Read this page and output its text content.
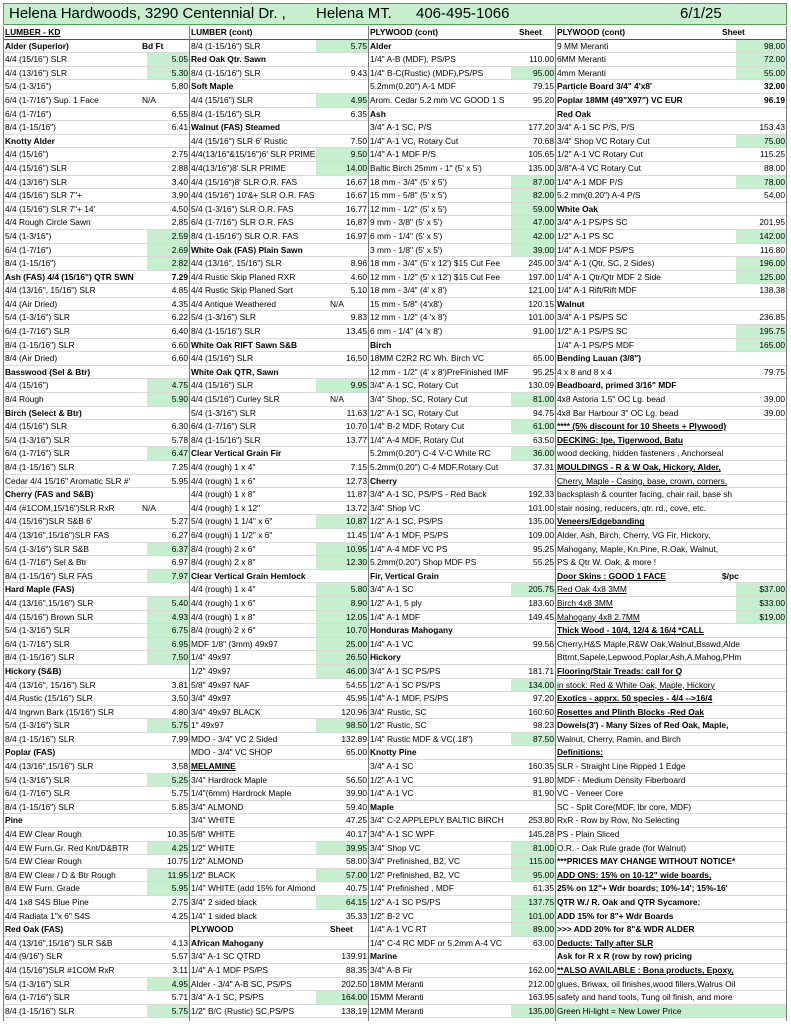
Helena Hardwoods, 3290 Centennial Dr. , Helena MT. 406-495-1066	6/1/25
LUMBER - KD
Alder (Superior)	Bd Ft
4/4 (15/16") SLR	5.05
4/4 (13/16") SLR	5.30
5/4 (1-3/16")	5.80
6/4 (1-7/16") Sup. 1 Face	N/A
6/4 (1-7/16")	6.55
8/4 (1-15/16")	6.41
Knotty Alder
4/4 (15/16")	2.75
4/4 (15/16") SLR	2.88
4/4 (13/16") SLR	3.40
4/4 (15/16") SLR 7"+	3.90
4/4 (15/16") SLR 7"+ 14'	4.50
4/4 Rough Circle Sawn	2.85
5/4 (1-3/16")	2.59
6/4 (1-7/16")	2.69
8/4 (1-15/16")	2.82
Ash (FAS) 4/4 (15/16") QTR SWN	7.29
4/4 (13/16", 15/16") SLR	4.85
4/4 (Air Dried)	4.35
5/4 (1-3/16") SLR	6.22
6/4 (1-7/16") SLR	6.40
8/4 (1-15/16") SLR	6.60
8/4 (Air Dried)	6.60
Basswood (Sel & Btr)
4/4 (15/16")	4.75
8/4 Rough	5.90
Birch (Select & Btr)
4/4 (15/16") SLR	6.30
5/4 (1-3/16") SLR	5.78
6/4 (1-7/16") SLR	6.47
8/4 (1-15/16") SLR	7.25
Cedar 4/4 15/16" Aromatic SLR #'	5.95
Cherry (FAS and S&B)
4/4 (#1COM,15/16")SLR RxR	N/A
4/4 (15/16")SLR S&B 6'	5.27
4/4 (13/16",15/16")SLR FAS	6.27
5/4 (1-3/16") SLR S&B	6.37
6/4 (1-7/16") Sel & Btr	6.97
8/4 (1-15/16") SLR FAS	7.97
Hard Maple (FAS)
4/4 (13/16",15/16") SLR	5.40
4/4 (15/16") Brown SLR	4.93
5/4 (1-3/16") SLR	6.75
6/4 (1-7/16") SLR	6.95
8/4 (1-15/16") SLR	7.50
Hickory (S&B)
4/4 (13/16", 15/16") SLR	3.81
4/4 Rustic (15/16") SLR	3.50
4/4 Ingrwn Bark (15/16") SLR	4.80
5/4 (1-3/16") SLR	5.75
8/4 (1-15/16") SLR	7.99
Poplar (FAS)
4/4 (13/16",15/16") SLR	3.58
5/4 (1-3/16") SLR	5.25
6/4 (1-7/16") SLR	5.75
8/4 (1-15/16") SLR	5.85
Pine
4/4 EW Clear Rough	10.35
4/4 EW Furn.Gr. Red Knt/D&BTR	4.25
5/4 EW Clear Rough	10.75
8/4 EW Clear / D & Btr Rough	11.95
8/4 EW Furn. Grade	5.95
4/4 1x8 S4S Blue Pine	2.75
4/4 Radiata 1"x 6" S4S	4.25
Red Oak (FAS)
4/4 (13/16",15/16") SLR S&B	4.13
4/4 (9/16") SLR	5.57
4/4 (15/16")SLR #1COM RxR	3.11
5/4 (1-3/16") SLR	4.95
6/4 (1-7/16") SLR	5.71
8/4 (1-15/16") SLR	5.75
LUMBER (cont)
8/4 (1-15/16") SLR	5.75
Red Oak Qtr. Sawn
8/4 (1-15/16") SLR	9.43
Soft Maple
4/4 (15/16") SLR	4.95
8/4 (1-15/16") SLR	6.35
Walnut (FAS) Steamed
4/4 (15/16") SLR 6' Rustic	7.50
4/4(13/16"&15/16")6' SLR PRIME	9.50
4/4(13/16")8' SLR PRIME	14.00
4/4 (15/16")8' SLR O.R. FAS	16.67
4/4 (15/16") 10'&+ SLR O.R. FAS	16.67
5/4 (1-3/16") SLR O.R. FAS	16.77
6/4 (1-7/16") SLR O.R. FAS	16.87
8/4 (1-15/16") SLR O.R. FAS	16.97
White Oak (FAS) Plain Sawn
4/4 (13/16", 15/16") SLR	8.96
4/4 Rustic Skip Planed RXR	4.60
4/4 Rustic Skip Planed Sort	5.10
4/4 Antique Weathered	N/A
5/4 (1-3/16") SLR	9.83
8/4 (1-15/16") SLR	13.45
White Oak RIFT Sawn S&B
4/4 (15/16") SLR	16.50
White Oak QTR, Sawn
4/4 (15/16") SLR	9.95
4/4 (15/16") Curley SLR	N/A
5/4 (1-3/16") SLR	11.63
6/4 (1-7/16") SLR	10.70
8/4 (1-15/16") SLR	13.77
Clear Vertical Grain Fir
4/4 (rough) 1 x 4"	7.15
4/4 (rough) 1 x 6"	12.73
4/4 (rough) 1 x 8"	11.87
4/4 (rough) 1 x 12"	13.72
5/4 (rough) 1 1/4" x 6"	10.87
6/4 (rough) 1 1/2" x 6"	11.45
8/4 (rough) 2 x 6"	10.95
8/4 (rough) 2 x 8"	12.30
Clear Vertical Grain Hemlock
4/4 (rough) 1 x 4"	5.80
4/4 (rough) 1 x 6"	8.90
4/4 (rough) 1 x 8"	12.05
8/4 (rough) 2 x 6"	10.70
MDF 1/8" (3mm) 49x97	25.00
1/4" 49x97	26.50
1/2" 49x97	46.00
5/8" 49x97 NAF	54.55
3/4" 49x97	45.95
3/4" 49x97 BLACK	120.96
1" 49x97	98.50
MDO - 3/4" VC 2 Sided	132.89
MDO - 3/4" VC SHOP	65.00
MELAMINE
3/4" Hardrock Maple	56.50
1/4"(6mm) Hardrock Maple	39.90
3/4" ALMOND	59.40
3/4" WHITE	47.25
5/8" WHITE	40.17
1/2" WHITE	39.95
1/2" ALMOND	58.00
1/2" BLACK	57.00
1/4" WHITE (add 15% for Almond	40.75
3/4" 2 sided black	64.15
1/4" 1 sided black	35.33
PLYWOOD	Sheet
African Mahogany
3/4" A-1 SC QTRD	139.91
1/4" A-1 MDF PS/PS	88.35
Alder - 3/4" A-B SC, PS/PS	202.50
3/4" A-1 SC, PS/PS	164.00
1/2" B/C (Rustic) SC,PS/PS	138.19
PLYWOOD (cont)	Sheet
Alder
1/4" A-B (MDF), PS/PS	110.00
1/4" B-C(Rustic) (MDF),PS/PS	95.00
5.2mm(0.20") A-1 MDF	79.15
Arom. Cedar 5.2 mm VC GOOD 1 S	95.20
Ash
3/4" A-1 SC, P/S	177.20
1/4" A-1 VC, Rotary Cut	70.68
1/4" A-1 MDF P/S	105.65
Baltic Birch 25mm - 1" (5' x 5')	135.00
18 mm - 3/4" (5' x 5')	87.00
15 mm - 5/8" (5' x 5')	82.00
12 mm - 1/2" (5' x 5')	59.00
9 mm - 3/8" (5' x 5')	47.00
6 mm - 1/4" (5' x 5')	42.00
3 mm - 1/8" (5' x 5')	39.00
18 mm - 3/4" (5' x 12') $15 Cut Fee	245.00
12 mm - 1/2" (5' x 12') $15 Cut Fee	197.00
18 mm - 3/4" (4' x 8')	121.00
15 mm - 5/8" (4'x8')	120.15
12 mm - 1/2" (4 'x 8')	101.00
6 mm - 1/4" (4 'x 8')	91.00
Birch
18MM C2R2 RC Wh. Birch VC	65.00
12 mm - 1/2" (4' x 8')PreFinished IMF	95.25
3/4" A-1 SC, Rotary Cut	130.09
3/4" Shop, SC, Rotary Cut	81.00
1/2" A-1 SC, Rotary Cut	94.75
1/4" B-2 MDF, Rotary Cut	61.00
1/4" A-4 MDF, Rotary Cut	63.50
5.2mm(0.20") C-4 V-C White RC	36.00
5.2mm(0.20") C-4 MDF,Rotary Cut	37.31
Cherry
3/4" A-1 SC, PS/PS - Red Back	192.33
3/4" Shop VC	101.00
1/2" A-1 SC, PS/PS	135.00
1/4" A-1 MDF, PS/PS	109.00
1/4" A-4 MDF VC PS	95.25
5.2mm(0.20") Shop MDF PS	55.25
Fir, Vertical Grain
3/4" A-1 SC	205.75
1/2" A-1, 5 ply	183.60
1/4" A-1 MDF	149.45
Honduras Mahogany
1/4" A-1 VC	99.56
Hickory
3/4" A-1 SC PS/PS	181.71
1/2" A-1 SC PS/PS	134.00
1/4" A-1 MDF, PS/PS	97.20
3/4" Rustic, SC	160.60
1/2" Rustic, SC	98.23
1/4" Rustic MDF & VC(.18")	87.50
Knotty Pine
3/4" A-1 SC	160.35
1/2" A-1 VC	91.80
1/4" A-1 VC	81.90
Maple
3/4" C-2 APPLEPLY BALTIC BIRCH	253.80
3/4" A-1 SC WPF	145.28
3/4" Shop VC	81.00
3/4" Prefinished, B2, VC	115.00
1/2" Prefinished, B2, VC	95.00
1/4" Prefinished , MDF	61.35
1/2" A-1 SC PS/PS	137.75
1/2" B-2 VC	101.00
1/4" A-1 VC RT	89.00
1/4" C-4 RC MDF or 5.2mm A-4 VC	63.00
Marine
3/4" A-B Fir	162.00
18MM Meranti	212.00
15MM Meranti	163.95
12MM Meranti	135.00
PLYWOOD (cont)	Sheet
9 MM Meranti	98.00
6MM Meranti	72.00
4mm Meranti	55.00
Particle Board 3/4" 4'x8'	32.00
Poplar 18MM (49"X97") VC EUR	96.19
Red Oak
3/4" A-1 SC P/S, P/S	153.43
3/4" Shop VC Rotary Cut	75.00
1/2" A-1 VC Rotary Cut	115.25
3/8"A-4 VC Rotary Cut	88.00
1/4" A-1 MDF P/S	78.00
5.2 mm(0.20") A-4 P/S	54.00
White Oak
3/4" A-1 PS/PS SC	201.95
1/2" A-1 PS SC	142.00
1/4" A-1 MDF PS/PS	116.80
3/4" A-1 (Qtr, SC, 2 Sides)	196.00
1/4" A-1 Qtr/Qtr MDF 2 Side	125.00
1/4" A-1 Rift/Rift MDF	138.38
Walnut
3/4" A-1 PS/PS SC	236.85
1/2" A-1 PS/PS SC	195.75
1/4" A-1 PS/PS MDF	165.00
Bending Lauan (3/8")
4 x 8 and 8 x 4	79.75
Beadboard, primed 3/16" MDF
4x8 Astoria 1.5" OC Lg. bead	39.00
4x8 Bar Harbour 3" OC Lg. bead	39.00
**** (5% discount for 10 Sheets + Plywood)
DECKING: Ipe, Tigerwood, Batu
wood decking, hidden fasteners , Anchorseal
MOULDINGS - R & W Oak, Hickory, Alder,
Cherry, Maple - Casing, base, crown, corners,
backsplash & counter facing, chair rail, base sh
stair nosing, reducers, qtr. rd., cove, etc.
Veneers/Edgebanding
Alder, Ash, Birch, Cherry, VG Fir, Hickory,
Mahogany, Maple, Kn.Pine, R.Oak, Walnut,
PS & Qtr W. Oak, & more !
Door Skins : GOOD 1 FACE	$/pc
Red Oak 4x8 3MM	$37.00
Birch 4x8 3MM	$33.00
Mahogany 4x8 2.7MM	$19.00
Thick Wood - 10/4, 12/4 & 16/4 *CALL
Cherry,H&S Maple,R&W Oak,Walnut,Bsswd,Alde
Bttrnt,Sapele,Lepwood,Poplar,Ash,A.Mahog,PHm
Flooring/Stair Treads: call for Q
in stock: Red & White Oak, Maple, Hickory
Exotics - apprx. 50 species - 4/4 -->16/4
Rosettes and Plinth Blocks -Red Oak
Dowels(3') - Many Sizes of Red Oak, Maple,
Walnut, Cherry, Ramin, and Birch
Definitions:
SLR - Straight Line Ripped 1 Edge
MDF - Medium Density Fiberboard
VC - Veneer Core
SC - Split Core(MDF, lbr core, MDF)
RxR - Row by Row, No Selecting
PS - Plain Sliced
O.R. - Oak Rule grade (for Walnut)
***PRICES MAY CHANGE WITHOUT NOTICE*
ADD ONS: 15% on 10-12" wide boards,
25% on 12"+ Wdr boards; 10%-14'; 15%-16'
QTR W./ R. Oak and QTR Sycamore:
ADD 15% for 8"+ Wdr Boards
>>> ADD 20% for 8"& WDR ALDER
Deducts: Tally after SLR
Ask for R x R (row by row) pricing
**ALSO AVAILABLE : Bona products, Epoxy,
glues, Briwax, oil finishes,wood fillers,Walrus Oil
safety and hand tools, Tung oil finish, and more
Green Hi-light = New Lower Price
